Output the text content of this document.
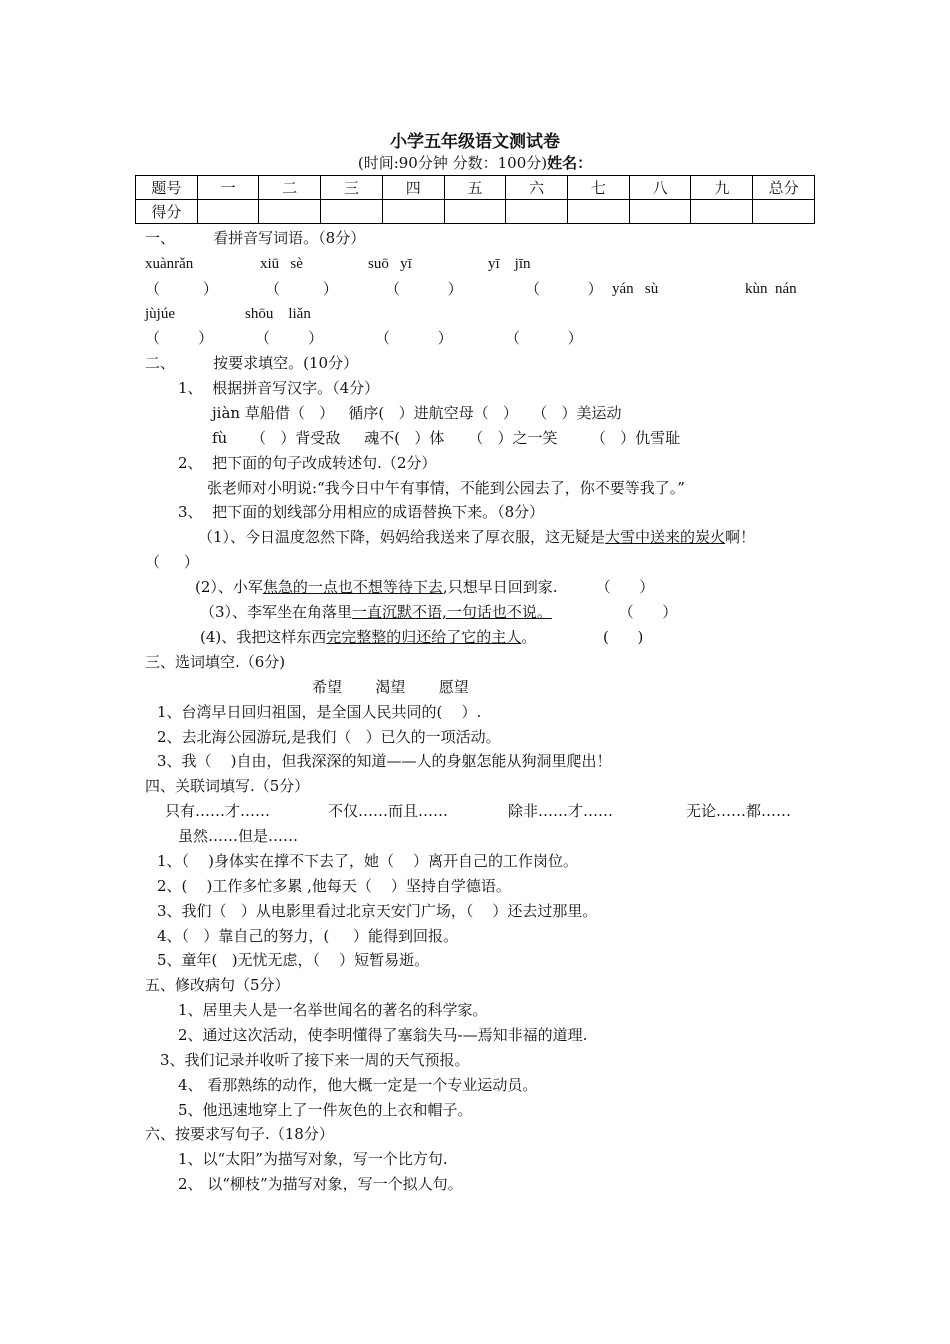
小学五年级语文测试卷
(时间:90分钟 分数：100分)姓名：
题号	一	二	三	四	五	六	七	八	九	总分
得分										
一、        看拼音写词语。（8分）
xuànrǎn	xiū   sè	suō   yī	yī    jīn
（         ）	（         ）	（          ）	（          ） yán   sù	kùn  nán
jùjúe	shōu    liǎn
（        ）	（        ）	（          ）	（          ）
二、        按要求填空。(10分）
1、  根据拼音写汉字。（4分）
jiàn 草船借（   ）   循序(   ）进航空母（   ）   （   ）美运动
fù     （   ）背受敌     魂不(   ）体     （   ）之一笑       （   ）仇雪耻
2、  把下面的句子改成转述句.（2分）
张老师对小明说:“我今日中午有事情，不能到公园去了，你不要等我了。”
3、  把下面的划线部分用相应的成语替换下来。（8分）
（1）、今日温度忽然下降，妈妈给我送来了厚衣服，这无疑是大雪中送来的炭火啊！
（     ）
(2）、小军焦急的一点也不想等待下去,只想早日回到家.        （      ）
（3）、李军坐在角落里一直沉默不语,一句话也不说。              （      ）
(4)、我把这样东西完完整整的归还给了它的主人。              (      )
三、选词填空.（6分)
希望       渴望       愿望
1、台湾早日回归祖国，是全国人民共同的(    ）.
2、去北海公园游玩,是我们（   ）已久的一项活动。
3、我（    )自由，但我深深的知道——人的身躯怎能从狗洞里爬出！
四、关联词填写.（5分）
只有……才……	不仅……而且……	除非……才……	无论……都……
虽然……但是……
1、（    )身体实在撑不下去了，她（    ）离开自己的工作岗位。
2、(    )工作多忙多累 ,他每天（    ）坚持自学德语。
3、我们（   ）从电影里看过北京天安门广场，（    ）还去过那里。
4、（   ）靠自己的努力，(     ）能得到回报。
5、童年(   )无忧无虑，（    ）短暂易逝。
五、修改病句（5分）
1、居里夫人是一名举世闻名的著名的科学家。
2、通过这次活动，使李明懂得了塞翁失马-—焉知非福的道理.
3、我们记录并收听了接下来一周的天气预报。
4、 看那熟练的动作，他大概一定是一个专业运动员。
5、他迅速地穿上了一件灰色的上衣和帽子。
六、按要求写句子.（18分）
1、以“太阳”为描写对象，写一个比方句.
2、 以“柳枝”为描写对象，写一个拟人句。
